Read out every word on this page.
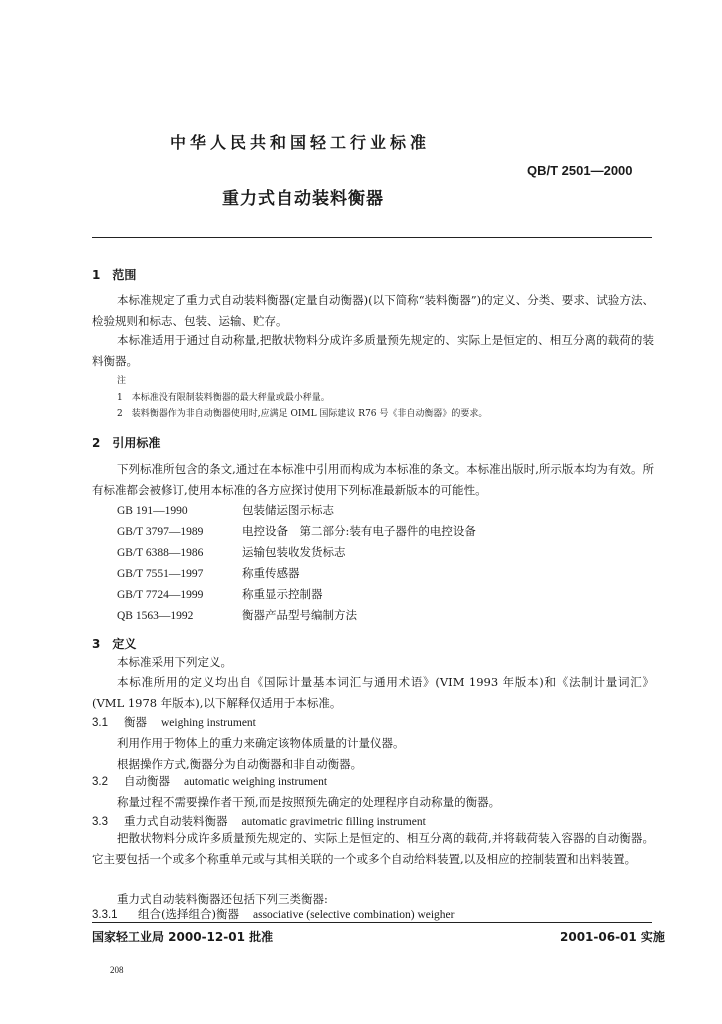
中华人民共和国轻工行业标准
QB/T 2501—2000
重力式自动装料衡器
1　范围
本标准规定了重力式自动装料衡器(定量自动衡器)(以下简称“装料衡器”)的定义、分类、要求、试验方法、检验规则和标志、包装、运输、贮存。
本标准适用于通过自动称量,把散状物料分成许多质量预先规定的、实际上是恒定的、相互分离的载荷的装料衡器。
注
1　本标准没有限制装料衡器的最大秤量或最小秤量。
2　装料衡器作为非自动衡器使用时,应满足 OIML 国际建议 R76 号《非自动衡器》的要求。
2　引用标准
下列标准所包含的条文,通过在本标准中引用而构成为本标准的条文。本标准出版时,所示版本均为有效。所有标准都会被修订,使用本标准的各方应探讨使用下列标准最新版本的可能性。
GB 191—1990	包装储运图示标志
GB/T 3797—1989	电控设备　第二部分:装有电子器件的电控设备
GB/T 6388—1986	运输包装收发货标志
GB/T 7551—1997	称重传感器
GB/T 7724—1999	称重显示控制器
QB 1563—1992	衡器产品型号编制方法
3　定义
本标准采用下列定义。
本标准所用的定义均出自《国际计量基本词汇与通用术语》(VIM 1993 年版本)和《法制计量词汇》(VML 1978 年版本),以下解释仅适用于本标准。
3.1 衡器 weighing instrument
利用作用于物体上的重力来确定该物体质量的计量仪器。
根据操作方式,衡器分为自动衡器和非自动衡器。
3.2 自动衡器 automatic weighing instrument
称量过程不需要操作者干预,而是按照预先确定的处理程序自动称量的衡器。
3.3 重力式自动装料衡器 automatic gravimetric filling instrument
把散状物料分成许多质量预先规定的、实际上是恒定的、相互分离的载荷,并将载荷装入容器的自动衡器。它主要包括一个或多个称重单元或与其相关联的一个或多个自动给料装置,以及相应的控制装置和出料装置。
重力式自动装料衡器还包括下列三类衡器:
3.3.1 组合(选择组合)衡器 associative (selective combination) weigher
国家轻工业局 2000-12-01 批准	2001-06-01 实施
208
